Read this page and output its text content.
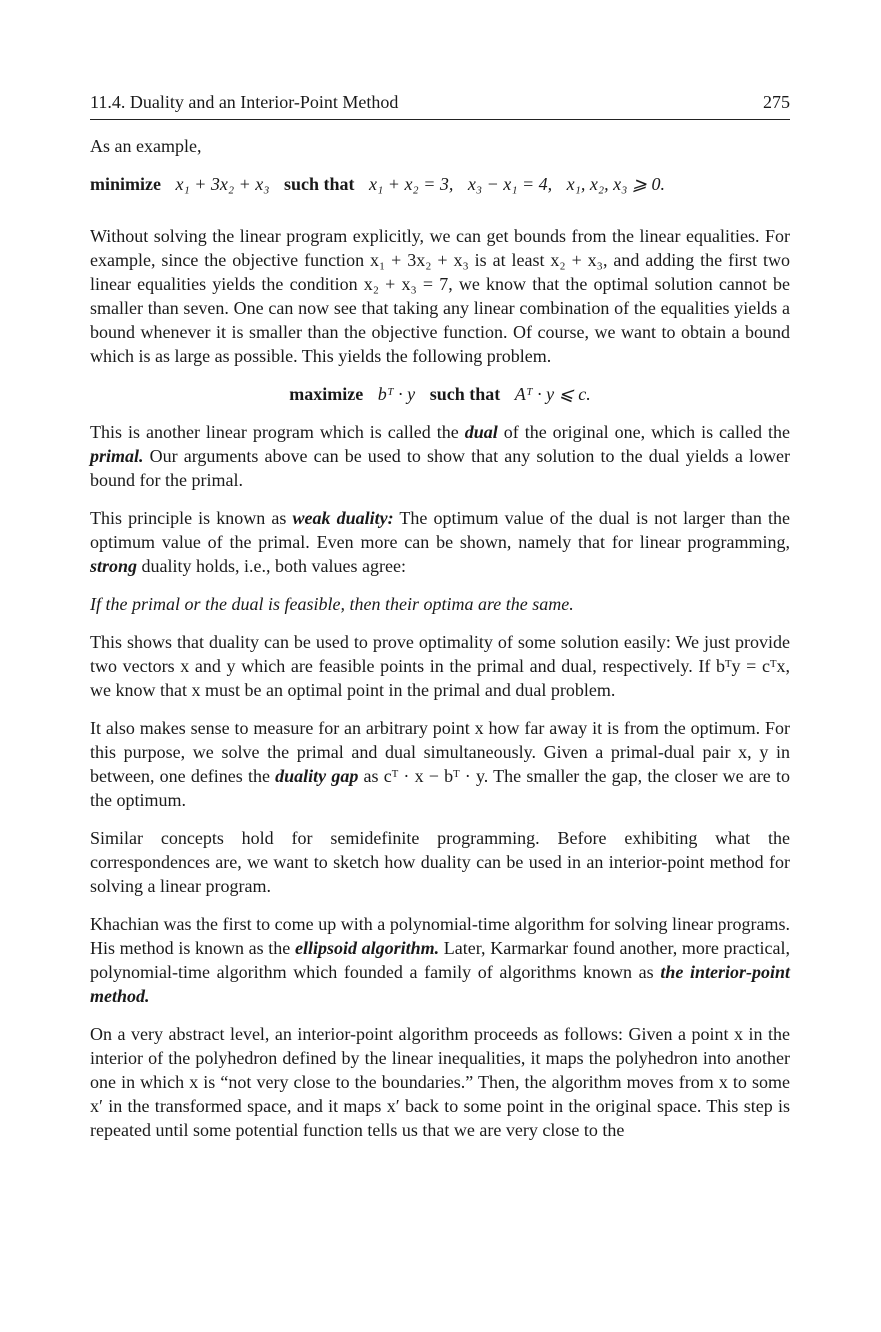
11.4. Duality and an Interior-Point Method	275

As an example,

minimize x₁ + 3x₂ + x₃ such that x₁ + x₂ = 3, x₃ − x₁ = 4, x₁, x₂, x₃ ⩾ 0.

Without solving the linear program explicitly, we can get bounds from the linear equalities. For example, since the objective function x₁ + 3x₂ + x₃ is at least x₂ + x₃, and adding the first two linear equalities yields the condition x₂ + x₃ = 7, we know that the optimal solution cannot be smaller than seven. One can now see that taking any linear combination of the equalities yields a bound whenever it is smaller than the objective function. Of course, we want to obtain a bound which is as large as possible. This yields the following problem.

maximize bᵀ · y such that Aᵀ · y ⩽ c.

This is another linear program which is called the dual of the original one, which is called the primal. Our arguments above can be used to show that any solution to the dual yields a lower bound for the primal.

This principle is known as weak duality: The optimum value of the dual is not larger than the optimum value of the primal. Even more can be shown, namely that for linear programming, strong duality holds, i.e., both values agree:

If the primal or the dual is feasible, then their optima are the same.

This shows that duality can be used to prove optimality of some solution easily: We just provide two vectors x and y which are feasible points in the primal and dual, respectively. If bᵀy = cᵀx, we know that x must be an optimal point in the primal and dual problem.

It also makes sense to measure for an arbitrary point x how far away it is from the optimum. For this purpose, we solve the primal and dual simultaneously. Given a primal-dual pair x, y in between, one defines the duality gap as cᵀ · x − bᵀ · y. The smaller the gap, the closer we are to the optimum.

Similar concepts hold for semidefinite programming. Before exhibiting what the correspondences are, we want to sketch how duality can be used in an interior-point method for solving a linear program.

Khachian was the first to come up with a polynomial-time algorithm for solving linear programs. His method is known as the ellipsoid algorithm. Later, Karmarkar found another, more practical, polynomial-time algorithm which founded a family of algorithms known as the interior-point method.

On a very abstract level, an interior-point algorithm proceeds as follows: Given a point x in the interior of the polyhedron defined by the linear inequalities, it maps the polyhedron into another one in which x is “not very close to the boundaries.” Then, the algorithm moves from x to some x′ in the transformed space, and it maps x′ back to some point in the original space. This step is repeated until some potential function tells us that we are very close to the
